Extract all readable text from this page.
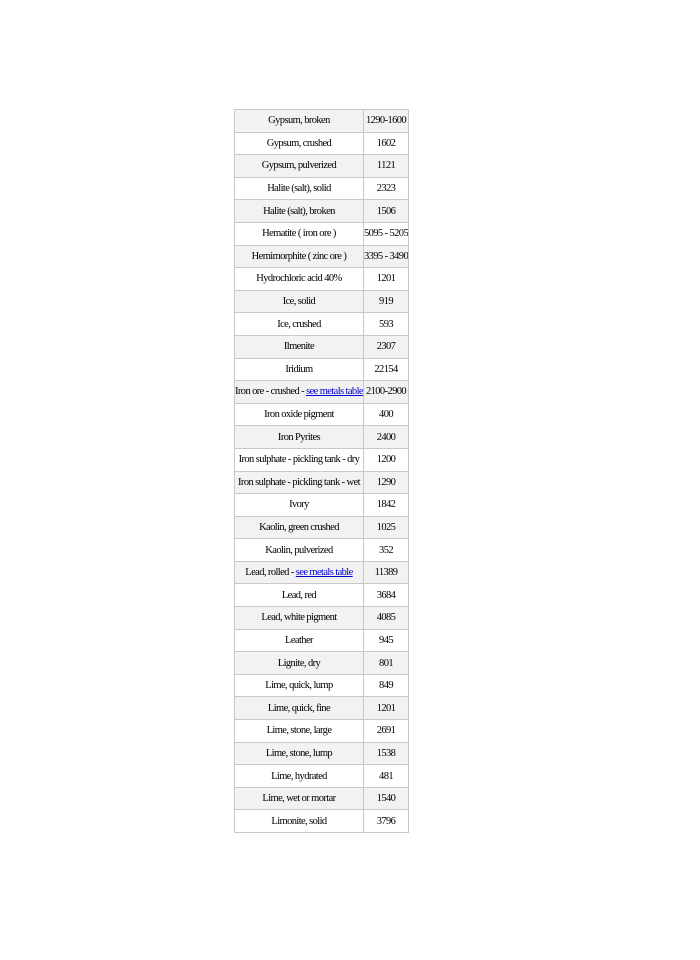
Gypsum, broken	1290-1600
Gypsum, crushed	1602
Gypsum, pulverized	1121
Halite (salt), solid	2323
Halite (salt), broken	1506
Hematite ( iron ore )	5095 - 5205
Hemimorphite ( zinc ore )	3395 - 3490
Hydrochloric acid 40%	1201
Ice, solid	919
Ice, crushed	593
Ilmenite	2307
Iridium	22154
Iron ore - crushed - see metals table	2100-2900
Iron oxide pigment	400
Iron Pyrites	2400
Iron sulphate - pickling tank - dry	1200
Iron sulphate - pickling tank - wet	1290
Ivory	1842
Kaolin, green crushed	1025
Kaolin, pulverized	352
Lead, rolled - see metals table	11389
Lead, red	3684
Lead, white pigment	4085
Leather	945
Lignite, dry	801
Lime, quick, lump	849
Lime, quick, fine	1201
Lime, stone, large	2691
Lime, stone, lump	1538
Lime, hydrated	481
Lime, wet or mortar	1540
Limonite, solid	3796
